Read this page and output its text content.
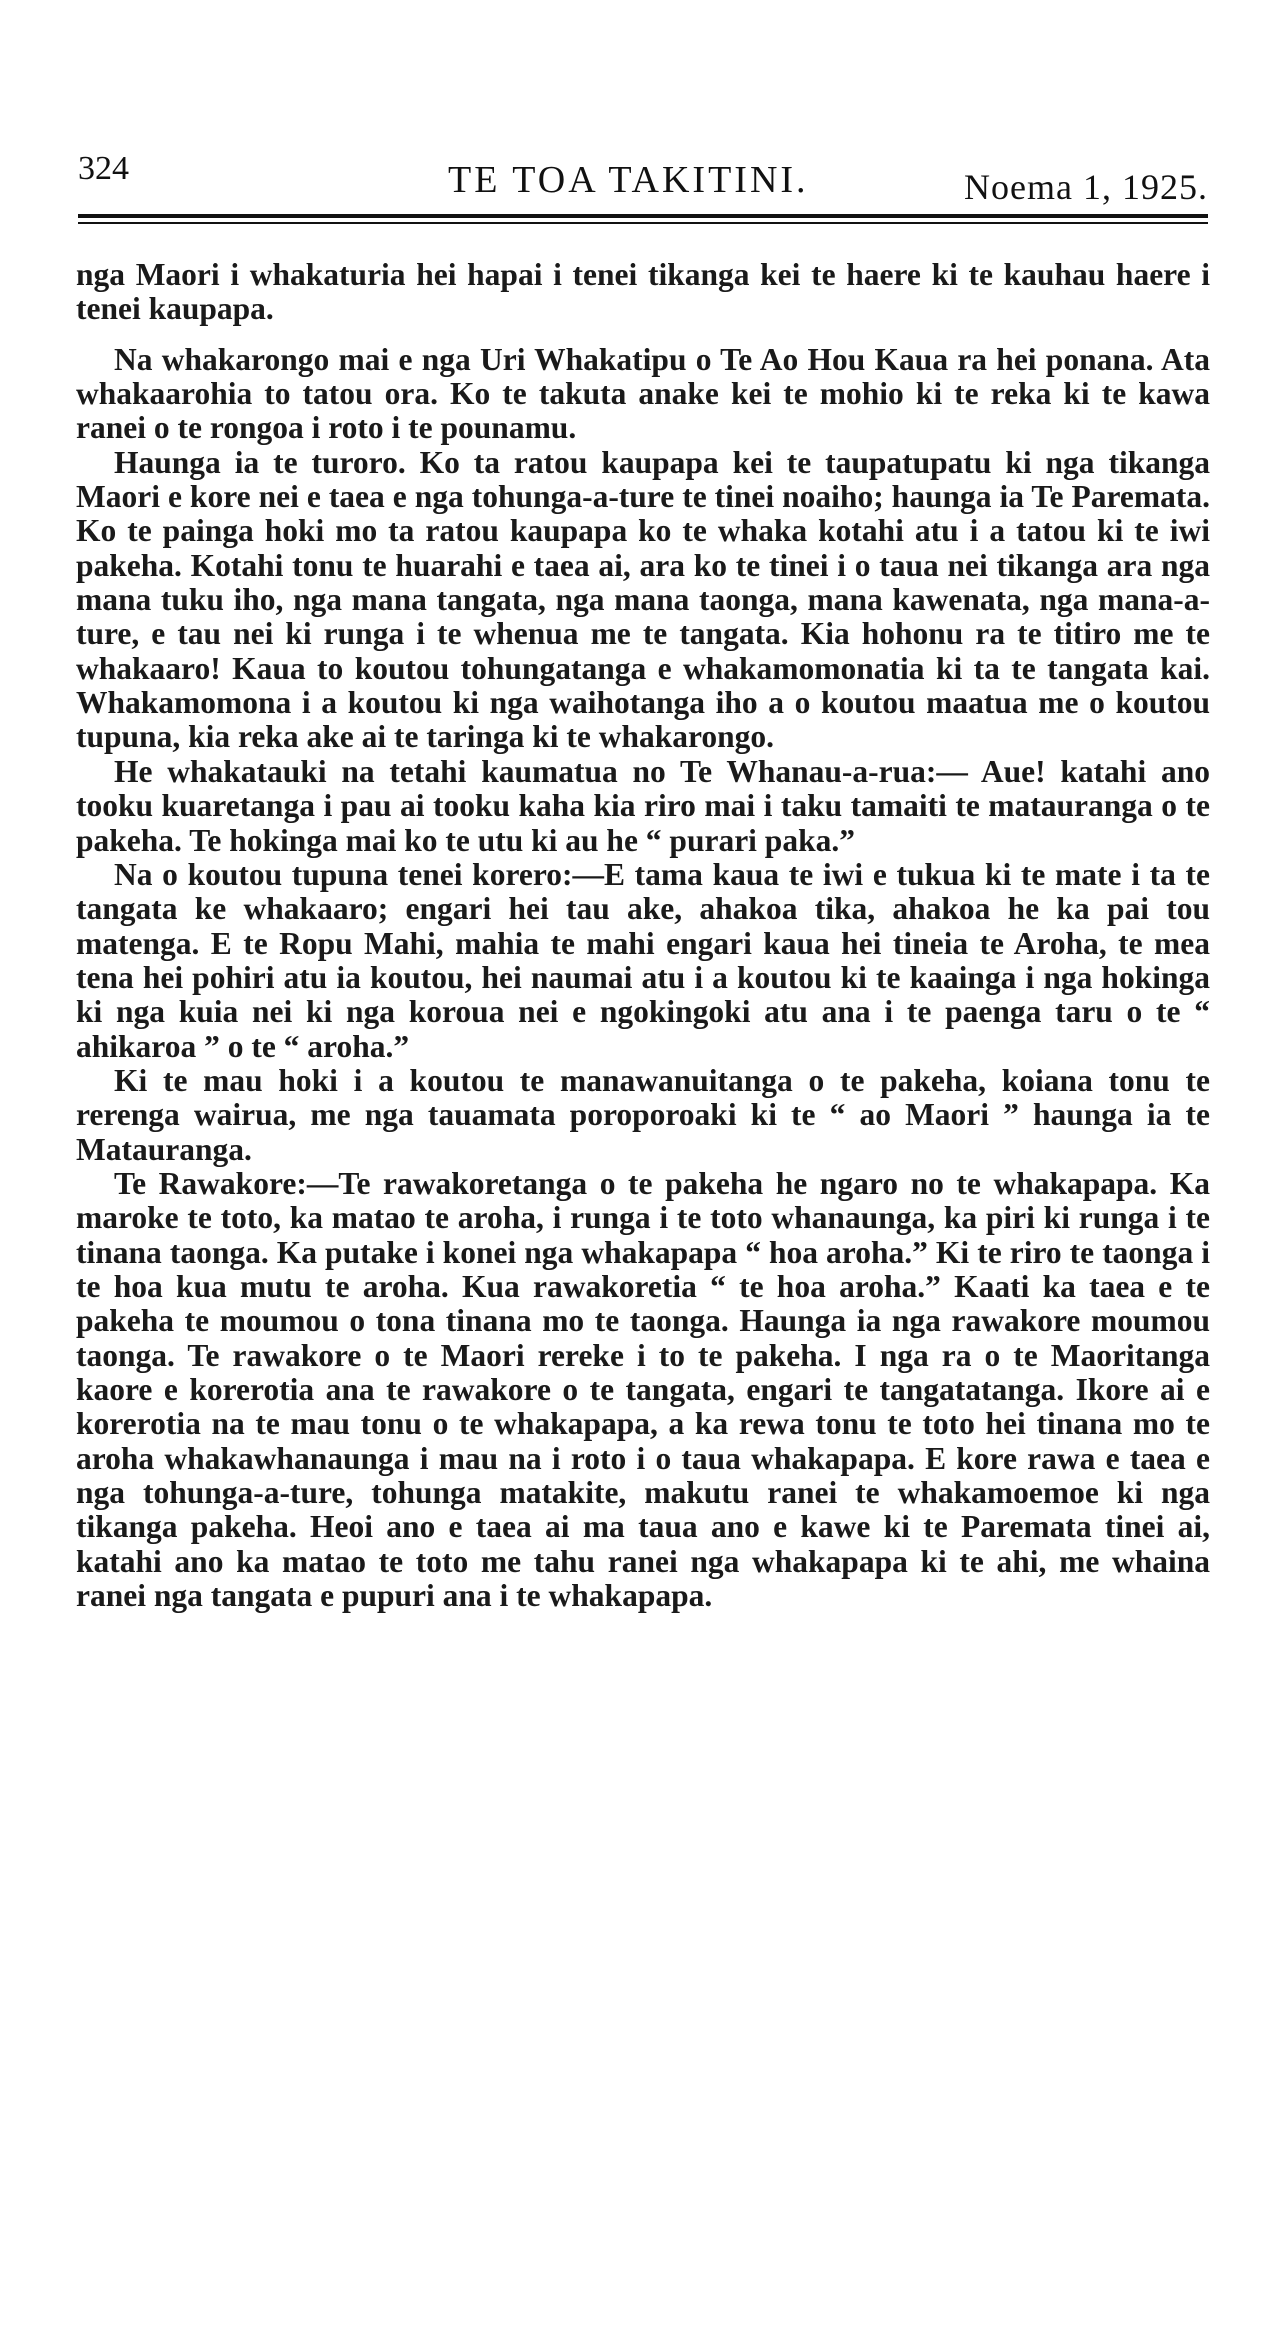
324	TE TOA TAKITINI.	Noema 1, 1925.

nga Maori i whakaturia hei hapai i tenei tikanga kei te haere ki te kauhau haere i tenei kaupapa.

Na whakarongo mai e nga Uri Whakatipu o Te Ao Hou Kaua ra hei ponana. Ata whakaarohia to tatou ora. Ko te takuta anake kei te mohio ki te reka ki te kawa ranei o te rongoa i roto i te pounamu.

Haunga ia te turoro. Ko ta ratou kaupapa kei te taupatupatu ki nga tikanga Maori e kore nei e taea e nga tohunga-a-ture te tinei noaiho; haunga ia Te Paremata. Ko te painga hoki mo ta ratou kaupapa ko te whaka kotahi atu i a tatou ki te iwi pakeha. Kotahi tonu te huarahi e taea ai, ara ko te tinei i o taua nei tikanga ara nga mana tuku iho, nga mana tangata, nga mana taonga, mana kawenata, nga mana-a-ture, e tau nei ki runga i te whenua me te tangata. Kia hohonu ra te titiro me te whakaaro! Kaua to koutou tohungatanga e whakamomonatia ki ta te tangata kai. Whakamomona i a koutou ki nga waihotanga iho a o koutou maatua me o koutou tupuna, kia reka ake ai te taringa ki te whakarongo.

He whakatauki na tetahi kaumatua no Te Whanau-a-rua:— Aue! katahi ano tooku kuaretanga i pau ai tooku kaha kia riro mai i taku tamaiti te matauranga o te pakeha. Te hokinga mai ko te utu ki au he “ purari paka.”

Na o koutou tupuna tenei korero:—E tama kaua te iwi e tukua ki te mate i ta te tangata ke whakaaro; engari hei tau ake, ahakoa tika, ahakoa he ka pai tou matenga. E te Ropu Mahi, mahia te mahi engari kaua hei tineia te Aroha, te mea tena hei pohiri atu ia koutou, hei naumai atu i a koutou ki te kaainga i nga hokinga ki nga kuia nei ki nga koroua nei e ngokingoki atu ana i te paenga taru o te “ ahikaroa ” o te “ aroha.”

Ki te mau hoki i a koutou te manawanuitanga o te pakeha, koiana tonu te rerenga wairua, me nga tauamata poroporoaki ki te “ ao Maori ” haunga ia te Matauranga.

Te Rawakore:—Te rawakoretanga o te pakeha he ngaro no te whakapapa. Ka maroke te toto, ka matao te aroha, i runga i te toto whanaunga, ka piri ki runga i te tinana taonga. Ka putake i konei nga whakapapa “ hoa aroha.” Ki te riro te taonga i te hoa kua mutu te aroha. Kua rawakoretia “ te hoa aroha.” Kaati ka taea e te pakeha te moumou o tona tinana mo te taonga. Haunga ia nga rawakore moumou taonga. Te rawakore o te Maori rereke i to te pakeha. I nga ra o te Maoritanga kaore e korerotia ana te rawakore o te tangata, engari te tangatatanga. Ikore ai e korerotia na te mau tonu o te whakapapa, a ka rewa tonu te toto hei tinana mo te aroha whakawhanaunga i mau na i roto i o taua whakapapa. E kore rawa e taea e nga tohunga-a-ture, tohunga matakite, makutu ranei te whakamoemoe ki nga tikanga pakeha. Heoi ano e taea ai ma taua ano e kawe ki te Paremata tinei ai, katahi ano ka matao te toto me tahu ranei nga whakapapa ki te ahi, me whaina ranei nga tangata e pupuri ana i te whakapapa.
